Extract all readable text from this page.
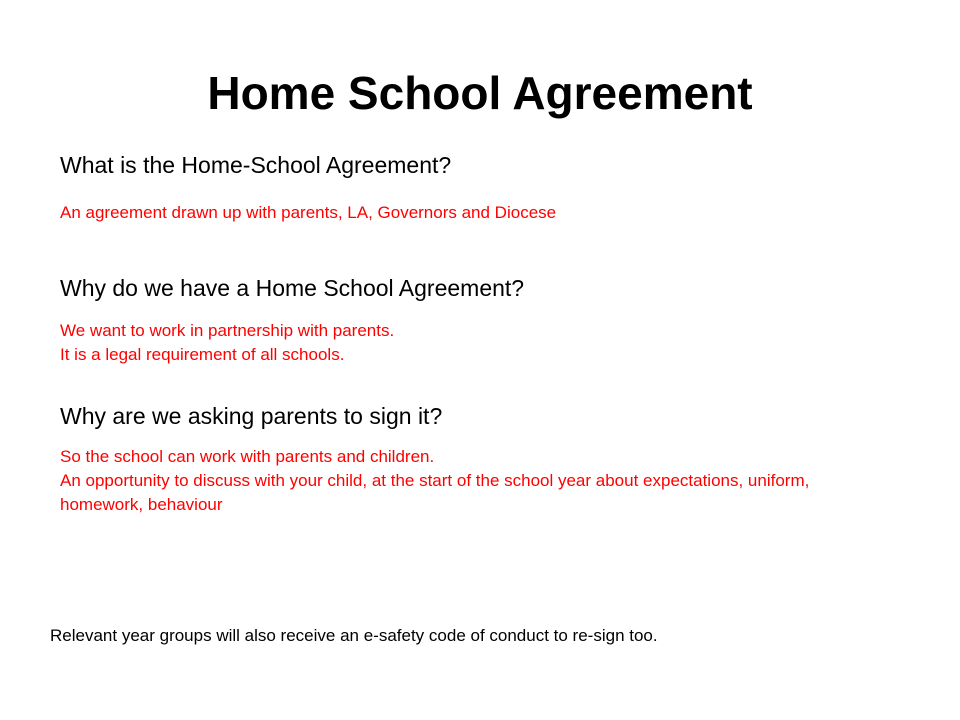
Home School Agreement

What is the Home-School Agreement?

An agreement drawn up with parents, LA, Governors and Diocese

Why do we have a Home School Agreement?

We want to work in partnership with parents.

It is a legal requirement of all schools.

Why are we asking parents to sign it?

So the school can work with parents and children.

An opportunity to discuss with your child, at the start of the school year about expectations, uniform, homework, behaviour

Relevant year groups will also receive an e-safety code of conduct to re-sign too.
